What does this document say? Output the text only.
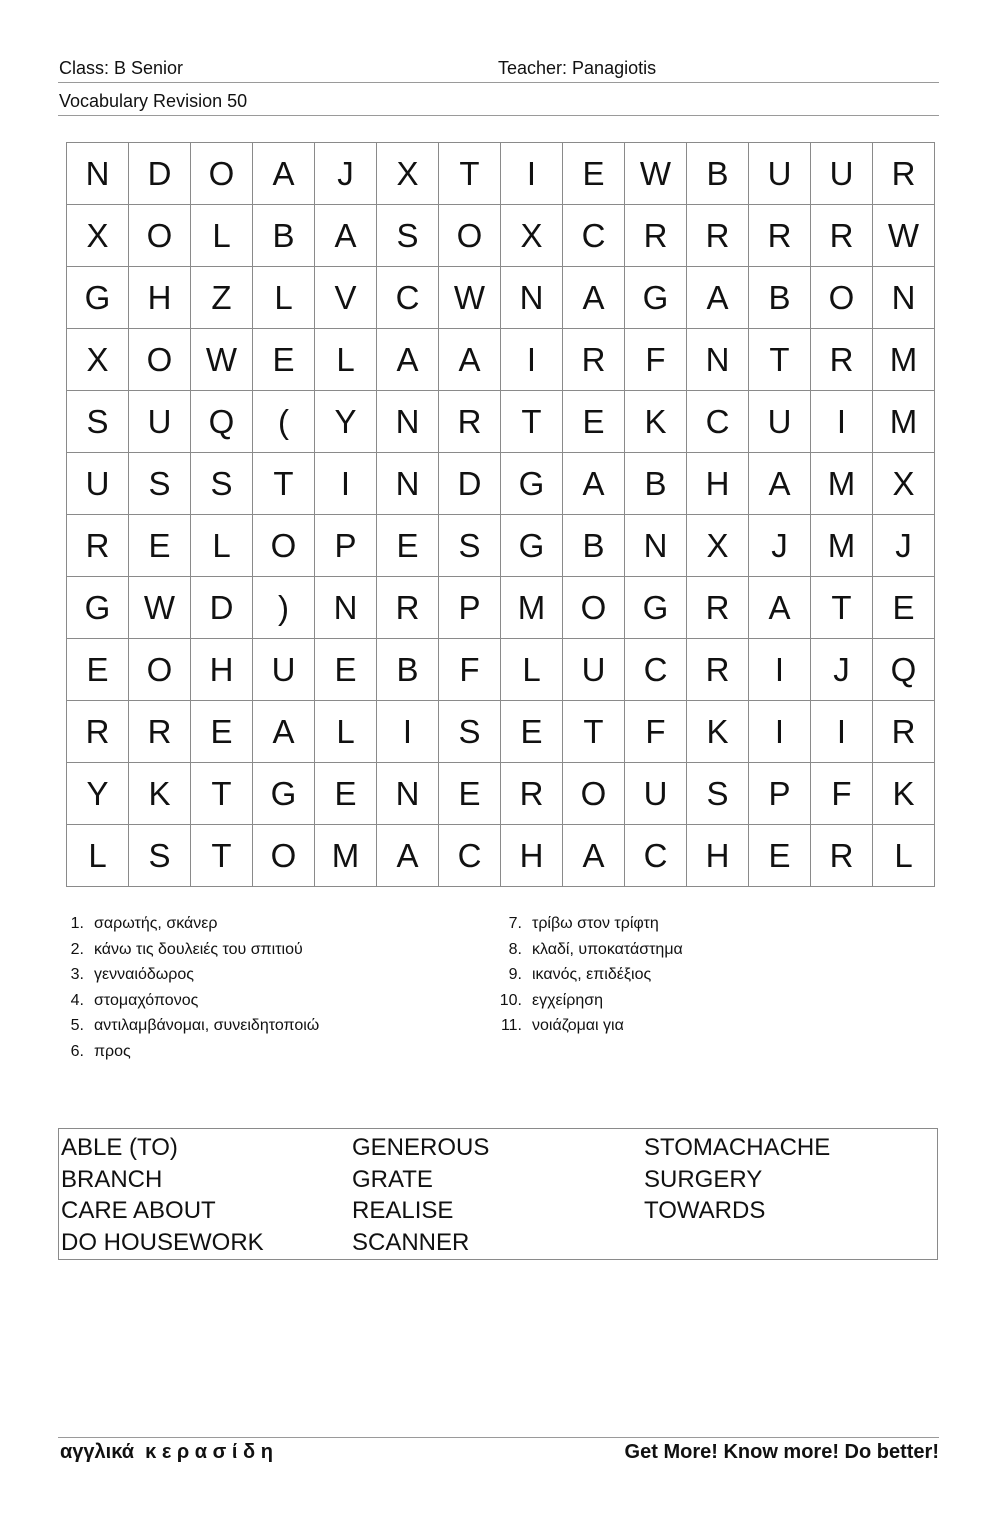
Class: B Senior	Teacher: Panagiotis
Vocabulary Revision 50
N	D	O	A	J	X	T	I	E	W	B	U	U	R
X	O	L	B	A	S	O	X	C	R	R	R	R	W
G	H	Z	L	V	C	W	N	A	G	A	B	O	N
X	O	W	E	L	A	A	I	R	F	N	T	R	M
S	U	Q	(	Y	N	R	T	E	K	C	U	I	M
U	S	S	T	I	N	D	G	A	B	H	A	M	X
R	E	L	O	P	E	S	G	B	N	X	J	M	J
G	W	D	)	N	R	P	M	O	G	R	A	T	E
E	O	H	U	E	B	F	L	U	C	R	I	J	Q
R	R	E	A	L	I	S	E	T	F	K	I	I	R
Y	K	T	G	E	N	E	R	O	U	S	P	F	K
L	S	T	O	M	A	C	H	A	C	H	E	R	L
1. σαρωτής, σκάνερ
2. κάνω τις δουλειές του σπιτιού
3. γενναιόδωρος
4. στομαχόπονος
5. αντιλαμβάνομαι, συνειδητοποιώ
6. προς
7. τρίβω στον τρίφτη
8. κλαδί, υποκατάστημα
9. ικανός, επιδέξιος
10. εγχείρηση
11. νοιάζομαι για
ABLE (TO)
BRANCH
CARE ABOUT
DO HOUSEWORK
GENEROUS
GRATE
REALISE
SCANNER
STOMACHACHE
SURGERY
TOWARDS
αγγλικά  κ ε ρ α σ ί δ η	Get More! Know more! Do better!
